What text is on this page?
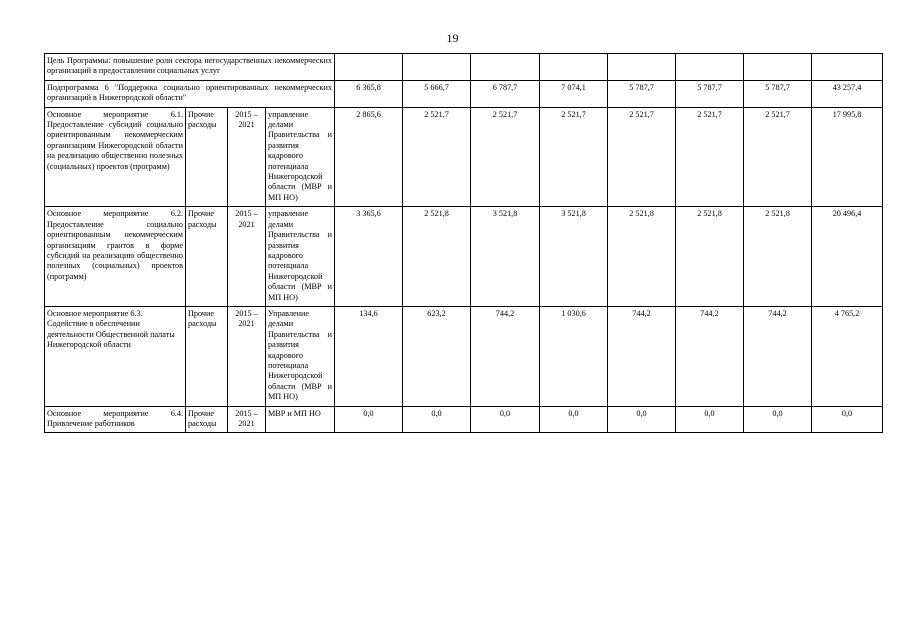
19
Цель Программы: повышение роли сектора негосударственных некоммерческих организаций в предоставлении социальных услуг											
Подпрограмма 6 "Поддержка социально ориентированных некоммерческих организаций в Нижегородской области"				6 365,8	5 666,7	6 787,7	7 074,1	5 787,7	5 787,7	5 787,7	43 257,4
Основное мероприятие 6.1. Предоставление субсидий социально ориентированным некоммерческим организациям Нижегородской области на реализацию общественно полезных (социальных) проектов (программ)	Прочие расходы	2015 – 2021	управление делами Правительства и развития кадрового потенциала Нижегородской области (МВР и МП НО)	2 865,6	2 521,7	2 521,7	2 521,7	2 521,7	2 521,7	2 521,7	17 995,8
Основное мероприятие 6.2. Предоставление социально ориентированным некоммерческим организациям грантов в форме субсидий на реализацию общественно полезных (социальных) проектов (программ)	Прочие расходы	2015 – 2021	управление делами Правительства и развития кадрового потенциала Нижегородской области (МВР и МП НО)	3 365,6	2 521,8	3 521,8	3 521,8	2 521,8	2 521,8	2 521,8	20 496,4
Основное мероприятие 6.3. Содействие в обеспечении деятельности Общественной палаты Нижегородской области	Прочие расходы	2015 – 2021	Управление делами Правительства и развития кадрового потенциала Нижегородской области (МВР и МП НО)	134,6	623,2	744,2	1 030,6	744,2	744,2	744,2	4 765,2
Основное мероприятие 6.4. Привлечение работников	Прочие расходы	2015 – 2021	МВР и МП НО	0,0	0,0	0,0	0,0	0,0	0,0	0,0	0,0
